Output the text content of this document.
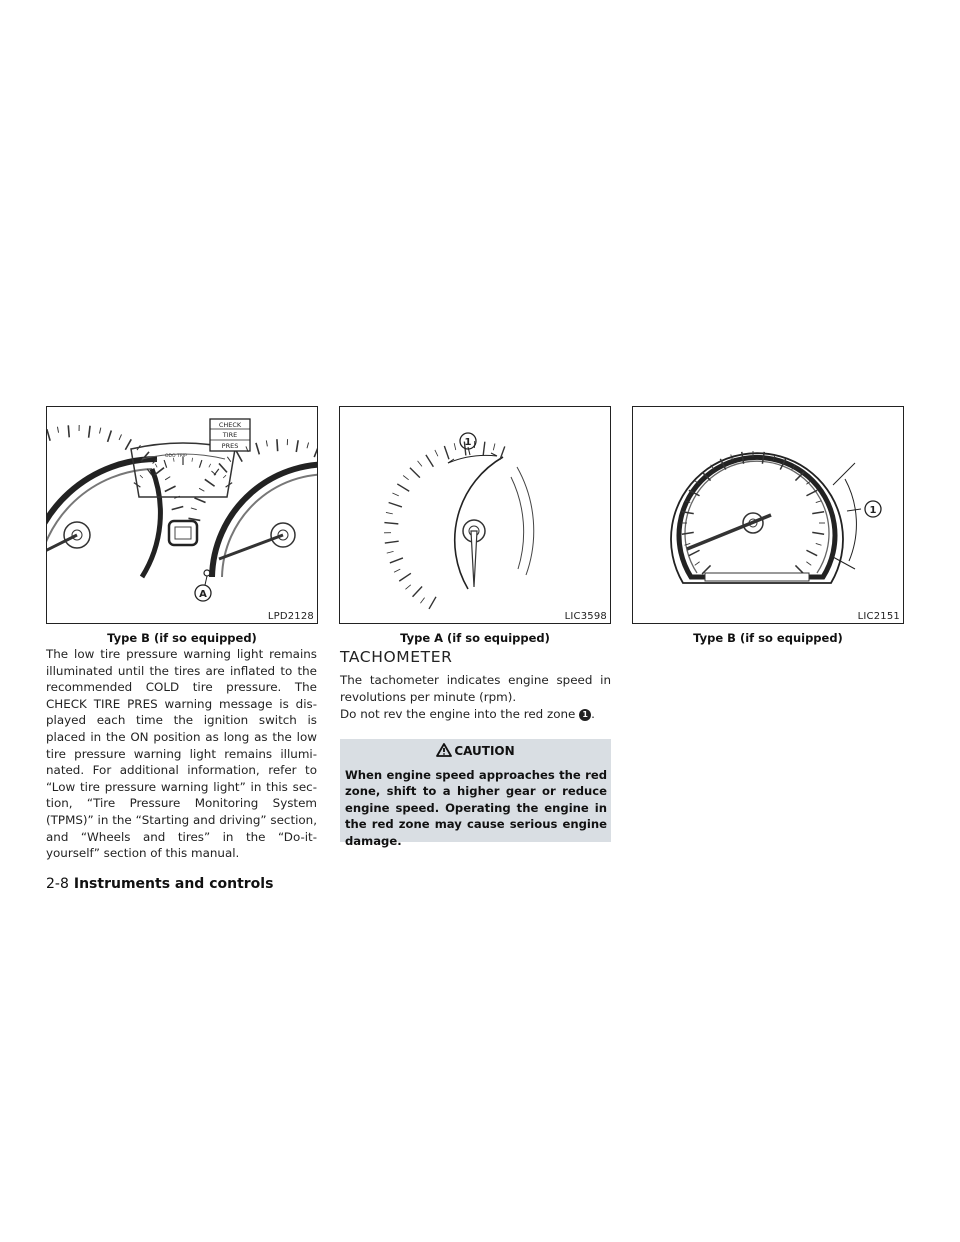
CHECK
TIRE
PRES
ODO TRIP
A
LPD2128
1
LIC3598
1
LIC2151
Type B (if so equipped)	Type A (if so equipped)	Type B (if so equipped)
The low tire pressure warning light remains illuminated until the tires are inflated to the recommended COLD tire pressure. The CHECK TIRE PRES warning message is dis- played each time the ignition switch is placed in the ON position as long as the low tire pressure warning light remains illumi- nated. For additional information, refer to “Low tire pressure warning light” in this sec- tion, “Tire Pressure Monitoring System (TPMS)” in the “Starting and driving” section, and “Wheels and tires” in the “Do-it-yourself” section of this manual.
TACHOMETER
The tachometer indicates engine speed in revolutions per minute (rpm).
Do not rev the engine into the red zone 1 .
CAUTION
When engine speed approaches the red zone, shift to a higher gear or reduce engine speed. Operating the engine in the red zone may cause serious engine damage.
2-8 Instruments and controls
